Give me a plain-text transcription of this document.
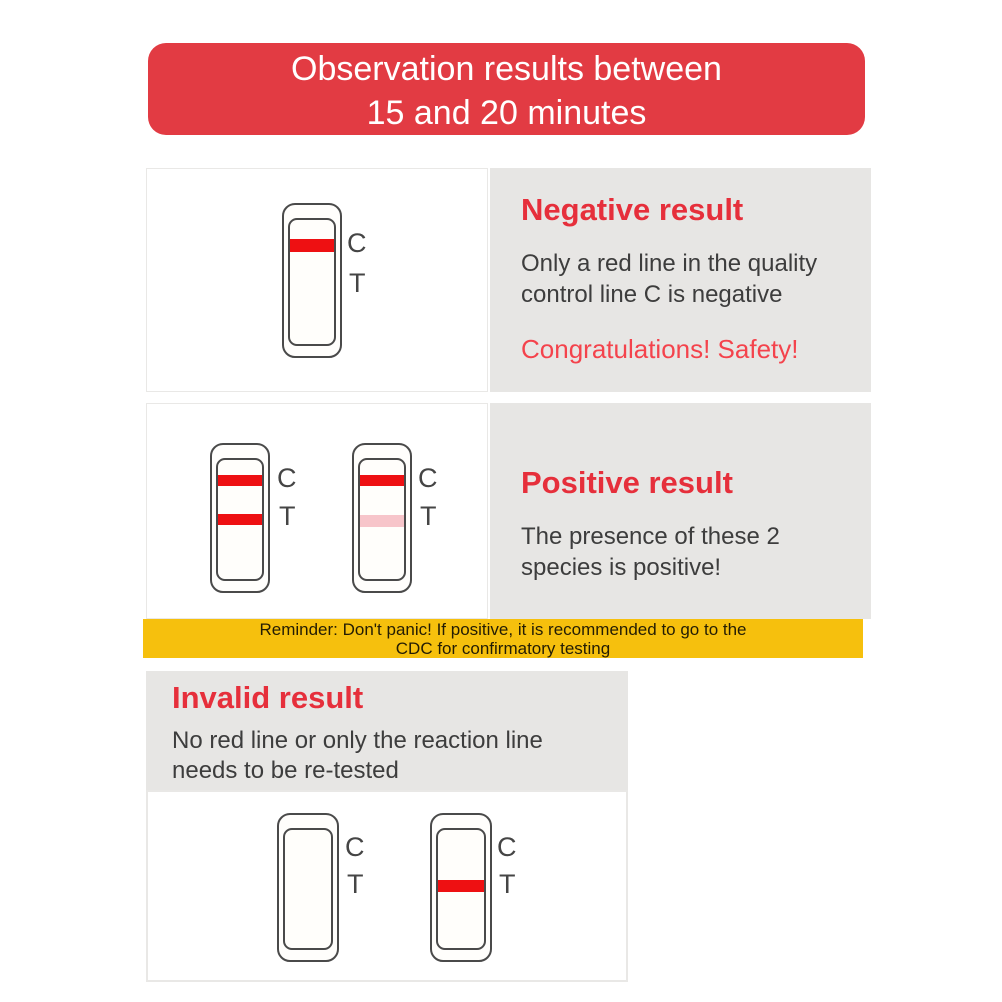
Observation results between
15 and 20 minutes
C
T
Negative result
Only a red line in the quality
control line C is negative
Congratulations! Safety!
C
T
C
T
Positive result
The presence of these 2
species is positive!
Reminder: Don't panic! If positive, it is recommended to go to the
CDC for confirmatory testing
Invalid result
No red line or only the reaction line
needs to be re-tested
C
T
C
T
